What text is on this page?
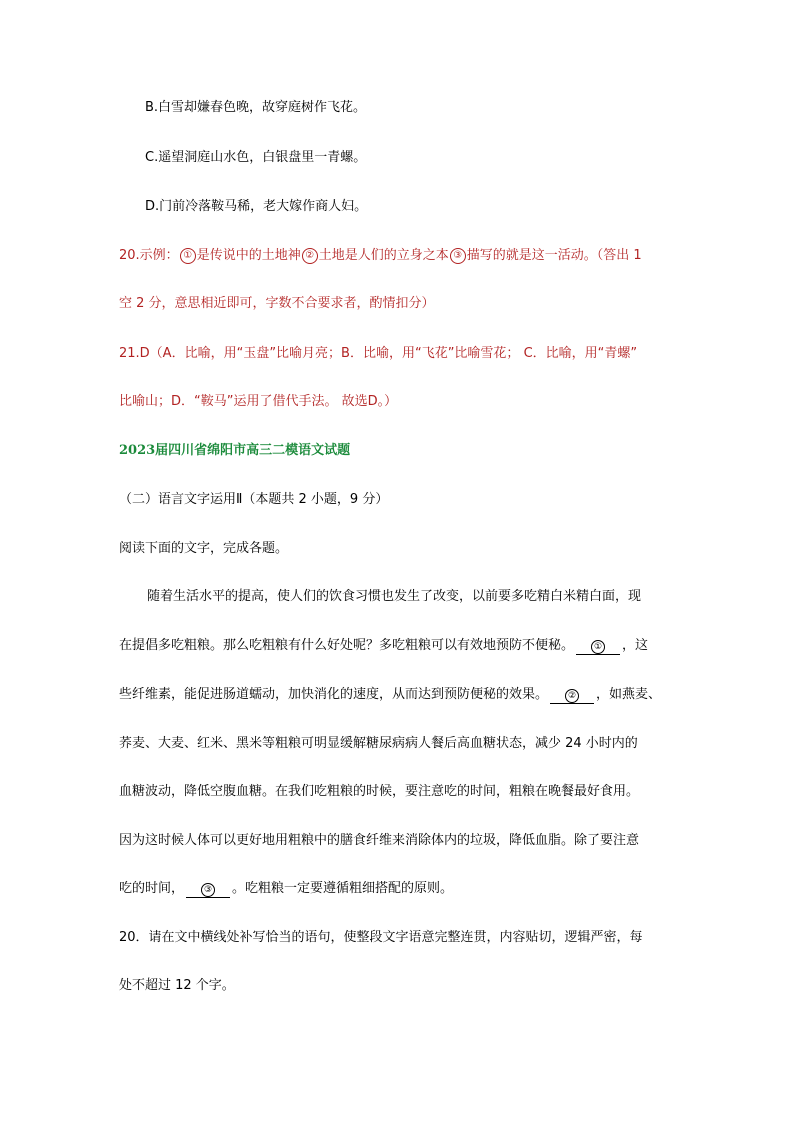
B.白雪却嫌春色晚，故穿庭树作飞花。
C.遥望洞庭山水色，白银盘里一青螺。
D.门前冷落鞍马稀，老大嫁作商人妇。
20.示例： ① 是传说中的土地神 ② 土地是人们的立身之本 ③ 描写的就是这一活动。（答出 1
空 2 分，意思相近即可，字数不合要求者，酌情扣分）
21.D（A．比喻，用“玉盘”比喻月亮；B．比喻，用“飞花”比喻雪花； C．比喻，用“青螺”
比喻山；D．“鞍马”运用了借代手法。 故选D。）
2023届四川省绵阳市高三二模语文试题
（二）语言文字运用Ⅱ（本题共 2 小题，9 分）
阅读下面的文字，完成各题。
随着生活水平的提高，使人们的饮食习惯也发生了改变，以前要多吃精白米精白面，现
在提倡多吃粗粮。那么吃粗粮有什么好处呢？多吃粗粮可以有效地预防不便秘。 ① ，这
些纤维素，能促进肠道蠕动，加快消化的速度，从而达到预防便秘的效果。 ② ，如燕麦、
荞麦、大麦、红米、黑米等粗粮可明显缓解糖尿病病人餐后高血糖状态，减少 24 小时内的
血糖波动，降低空腹血糖。在我们吃粗粮的时候，要注意吃的时间，粗粮在晚餐最好食用。
因为这时候人体可以更好地用粗粮中的膳食纤维来消除体内的垃圾，降低血脂。除了要注意
吃的时间， ③ 。吃粗粮一定要遵循粗细搭配的原则。
20．请在文中横线处补写恰当的语句，使整段文字语意完整连贯，内容贴切，逻辑严密，每
处不超过 12 个字。
